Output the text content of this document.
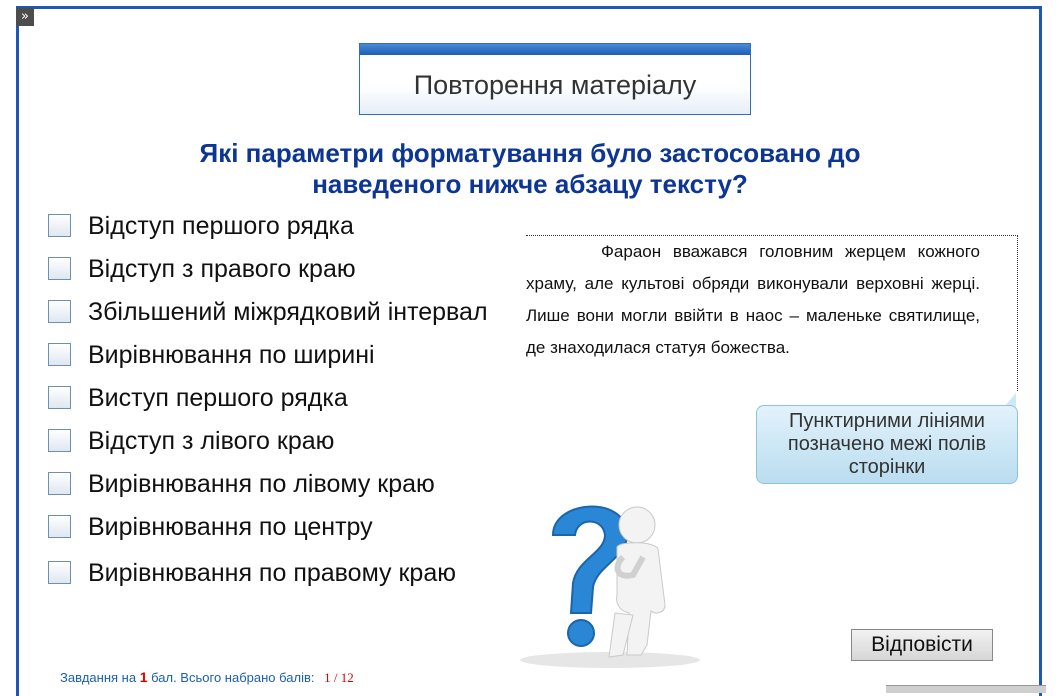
»
Повторення матеріалу
Які параметри форматування було застосовано до
наведеного нижче абзацу тексту?
Відступ першого рядка
Відступ з правого краю
Збільшений міжрядковий інтервал
Вирівнювання по ширині
Виступ першого рядка
Відступ з лівого краю
Вирівнювання по лівому краю
Вирівнювання по центру
Вирівнювання по правому краю
Фараон вважався головним жерцем кожного храму, але культові обряди виконували верховні жерці. Лише вони могли ввійти в наос – маленьке святилище, де знаходилася статуя божества.
Пунктирними лініями позначено межі полів сторінки
Відповісти
Завдання на 1 бал. Всього набрано балів: 1 / 12
